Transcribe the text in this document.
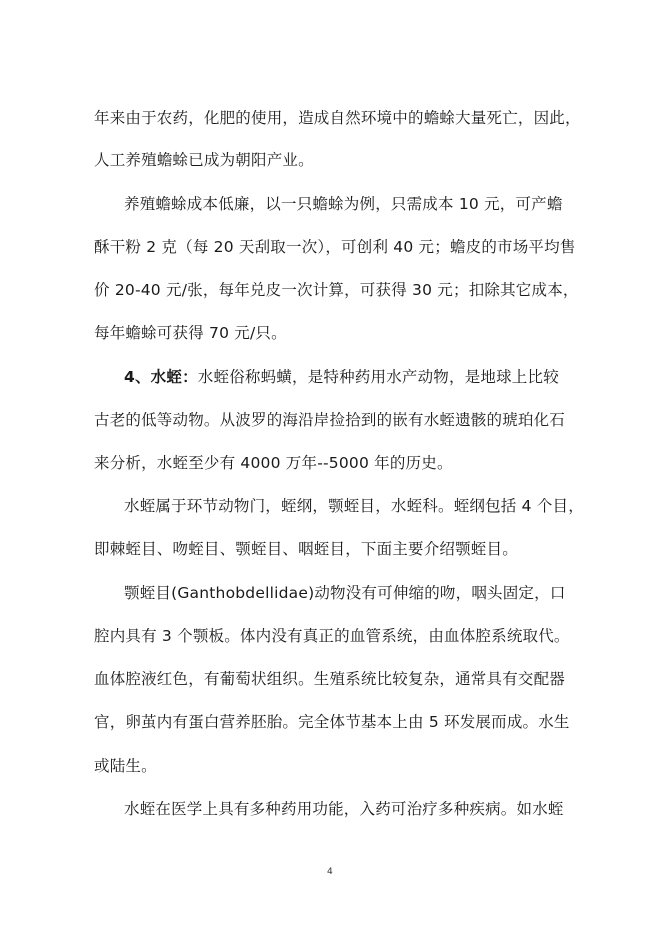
年来由于农药，化肥的使用，造成自然环境中的蟾蜍大量死亡，因此，
人工养殖蟾蜍已成为朝阳产业。
养殖蟾蜍成本低廉，以一只蟾蜍为例，只需成本 10 元，可产蟾
酥干粉 2 克（每 20 天刮取一次），可创利 40 元；蟾皮的市场平均售
价 20-40 元/张，每年兑皮一次计算，可获得 30 元；扣除其它成本，
每年蟾蜍可获得 70 元/只。
4、水蛭：水蛭俗称蚂蟥，是特种药用水产动物，是地球上比较
古老的低等动物。从波罗的海沿岸捡拾到的嵌有水蛭遗骸的琥珀化石
来分析，水蛭至少有 4000 万年--5000 年的历史。
水蛭属于环节动物门，蛭纲，颚蛭目，水蛭科。蛭纲包括 4 个目，
即棘蛭目、吻蛭目、颚蛭目、咽蛭目，下面主要介绍颚蛭目。
颚蛭目(Ganthobdellidae)动物没有可伸缩的吻，咽头固定，口
腔内具有 3 个颚板。体内没有真正的血管系统，由血体腔系统取代。
血体腔液红色，有葡萄状组织。生殖系统比较复杂，通常具有交配器
官，卵茧内有蛋白营养胚胎。完全体节基本上由 5 环发展而成。水生
或陆生。
水蛭在医学上具有多种药用功能，入药可治疗多种疾病。如水蛭
4
